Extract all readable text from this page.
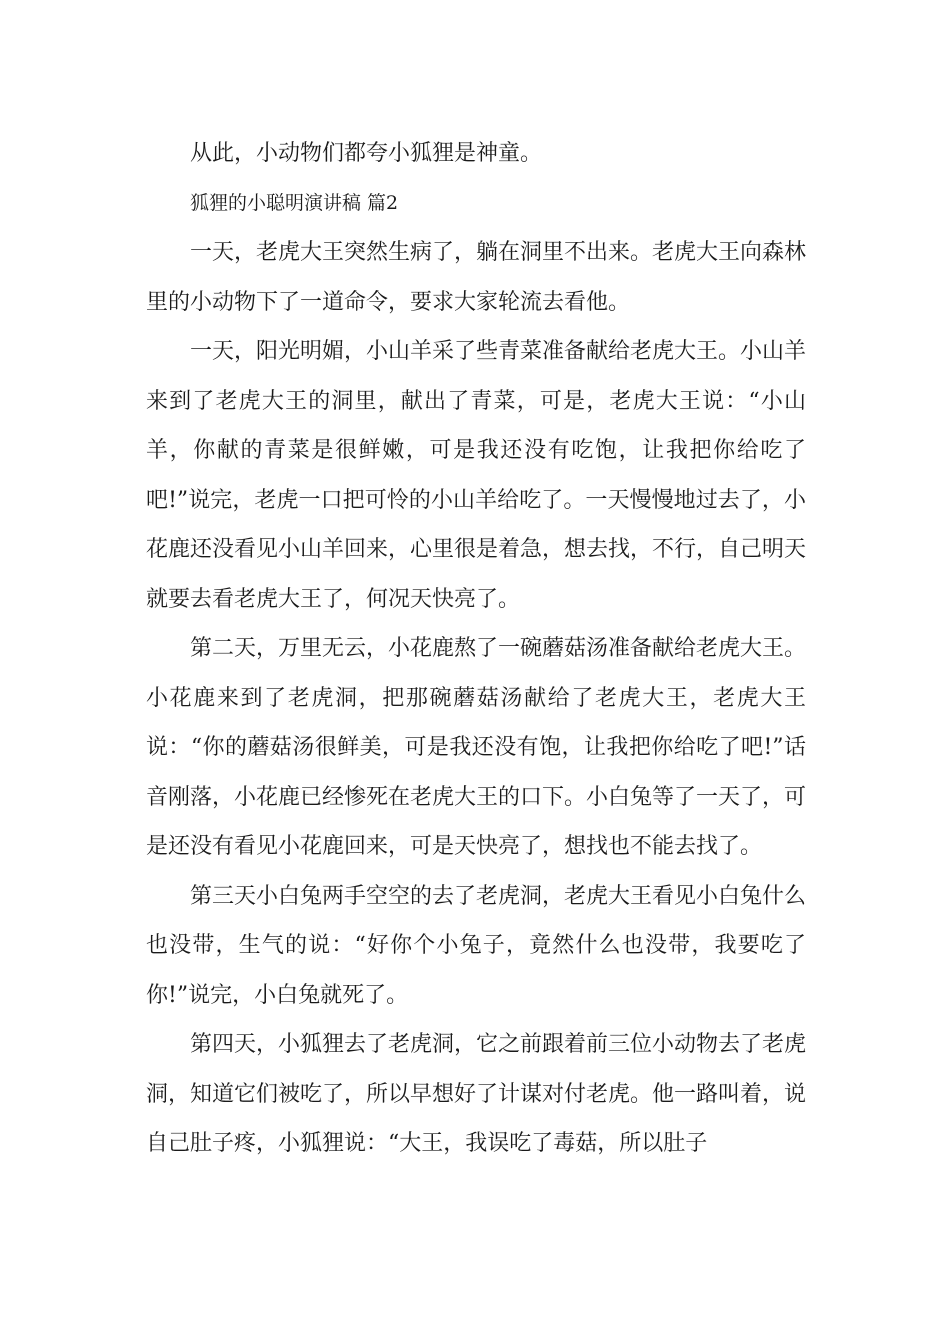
从此，小动物们都夸小狐狸是神童。

狐狸的小聪明演讲稿 篇2

一天，老虎大王突然生病了，躺在洞里不出来。老虎大王向森林里的小动物下了一道命令，要求大家轮流去看他。

一天，阳光明媚，小山羊采了些青菜准备献给老虎大王。小山羊来到了老虎大王的洞里，献出了青菜，可是，老虎大王说：“小山羊，你献的青菜是很鲜嫩，可是我还没有吃饱，让我把你给吃了吧!”说完，老虎一口把可怜的小山羊给吃了。一天慢慢地过去了，小花鹿还没看见小山羊回来，心里很是着急，想去找，不行，自己明天就要去看老虎大王了，何况天快亮了。

第二天，万里无云，小花鹿熬了一碗蘑菇汤准备献给老虎大王。小花鹿来到了老虎洞，把那碗蘑菇汤献给了老虎大王，老虎大王说：“你的蘑菇汤很鲜美，可是我还没有饱，让我把你给吃了吧!”话音刚落，小花鹿已经惨死在老虎大王的口下。小白兔等了一天了，可是还没有看见小花鹿回来，可是天快亮了，想找也不能去找了。

第三天小白兔两手空空的去了老虎洞，老虎大王看见小白兔什么也没带，生气的说：“好你个小兔子，竟然什么也没带，我要吃了你!”说完，小白兔就死了。

第四天，小狐狸去了老虎洞，它之前跟着前三位小动物去了老虎洞，知道它们被吃了，所以早想好了计谋对付老虎。他一路叫着，说自己肚子疼，小狐狸说：“大王，我误吃了毒菇，所以肚子
